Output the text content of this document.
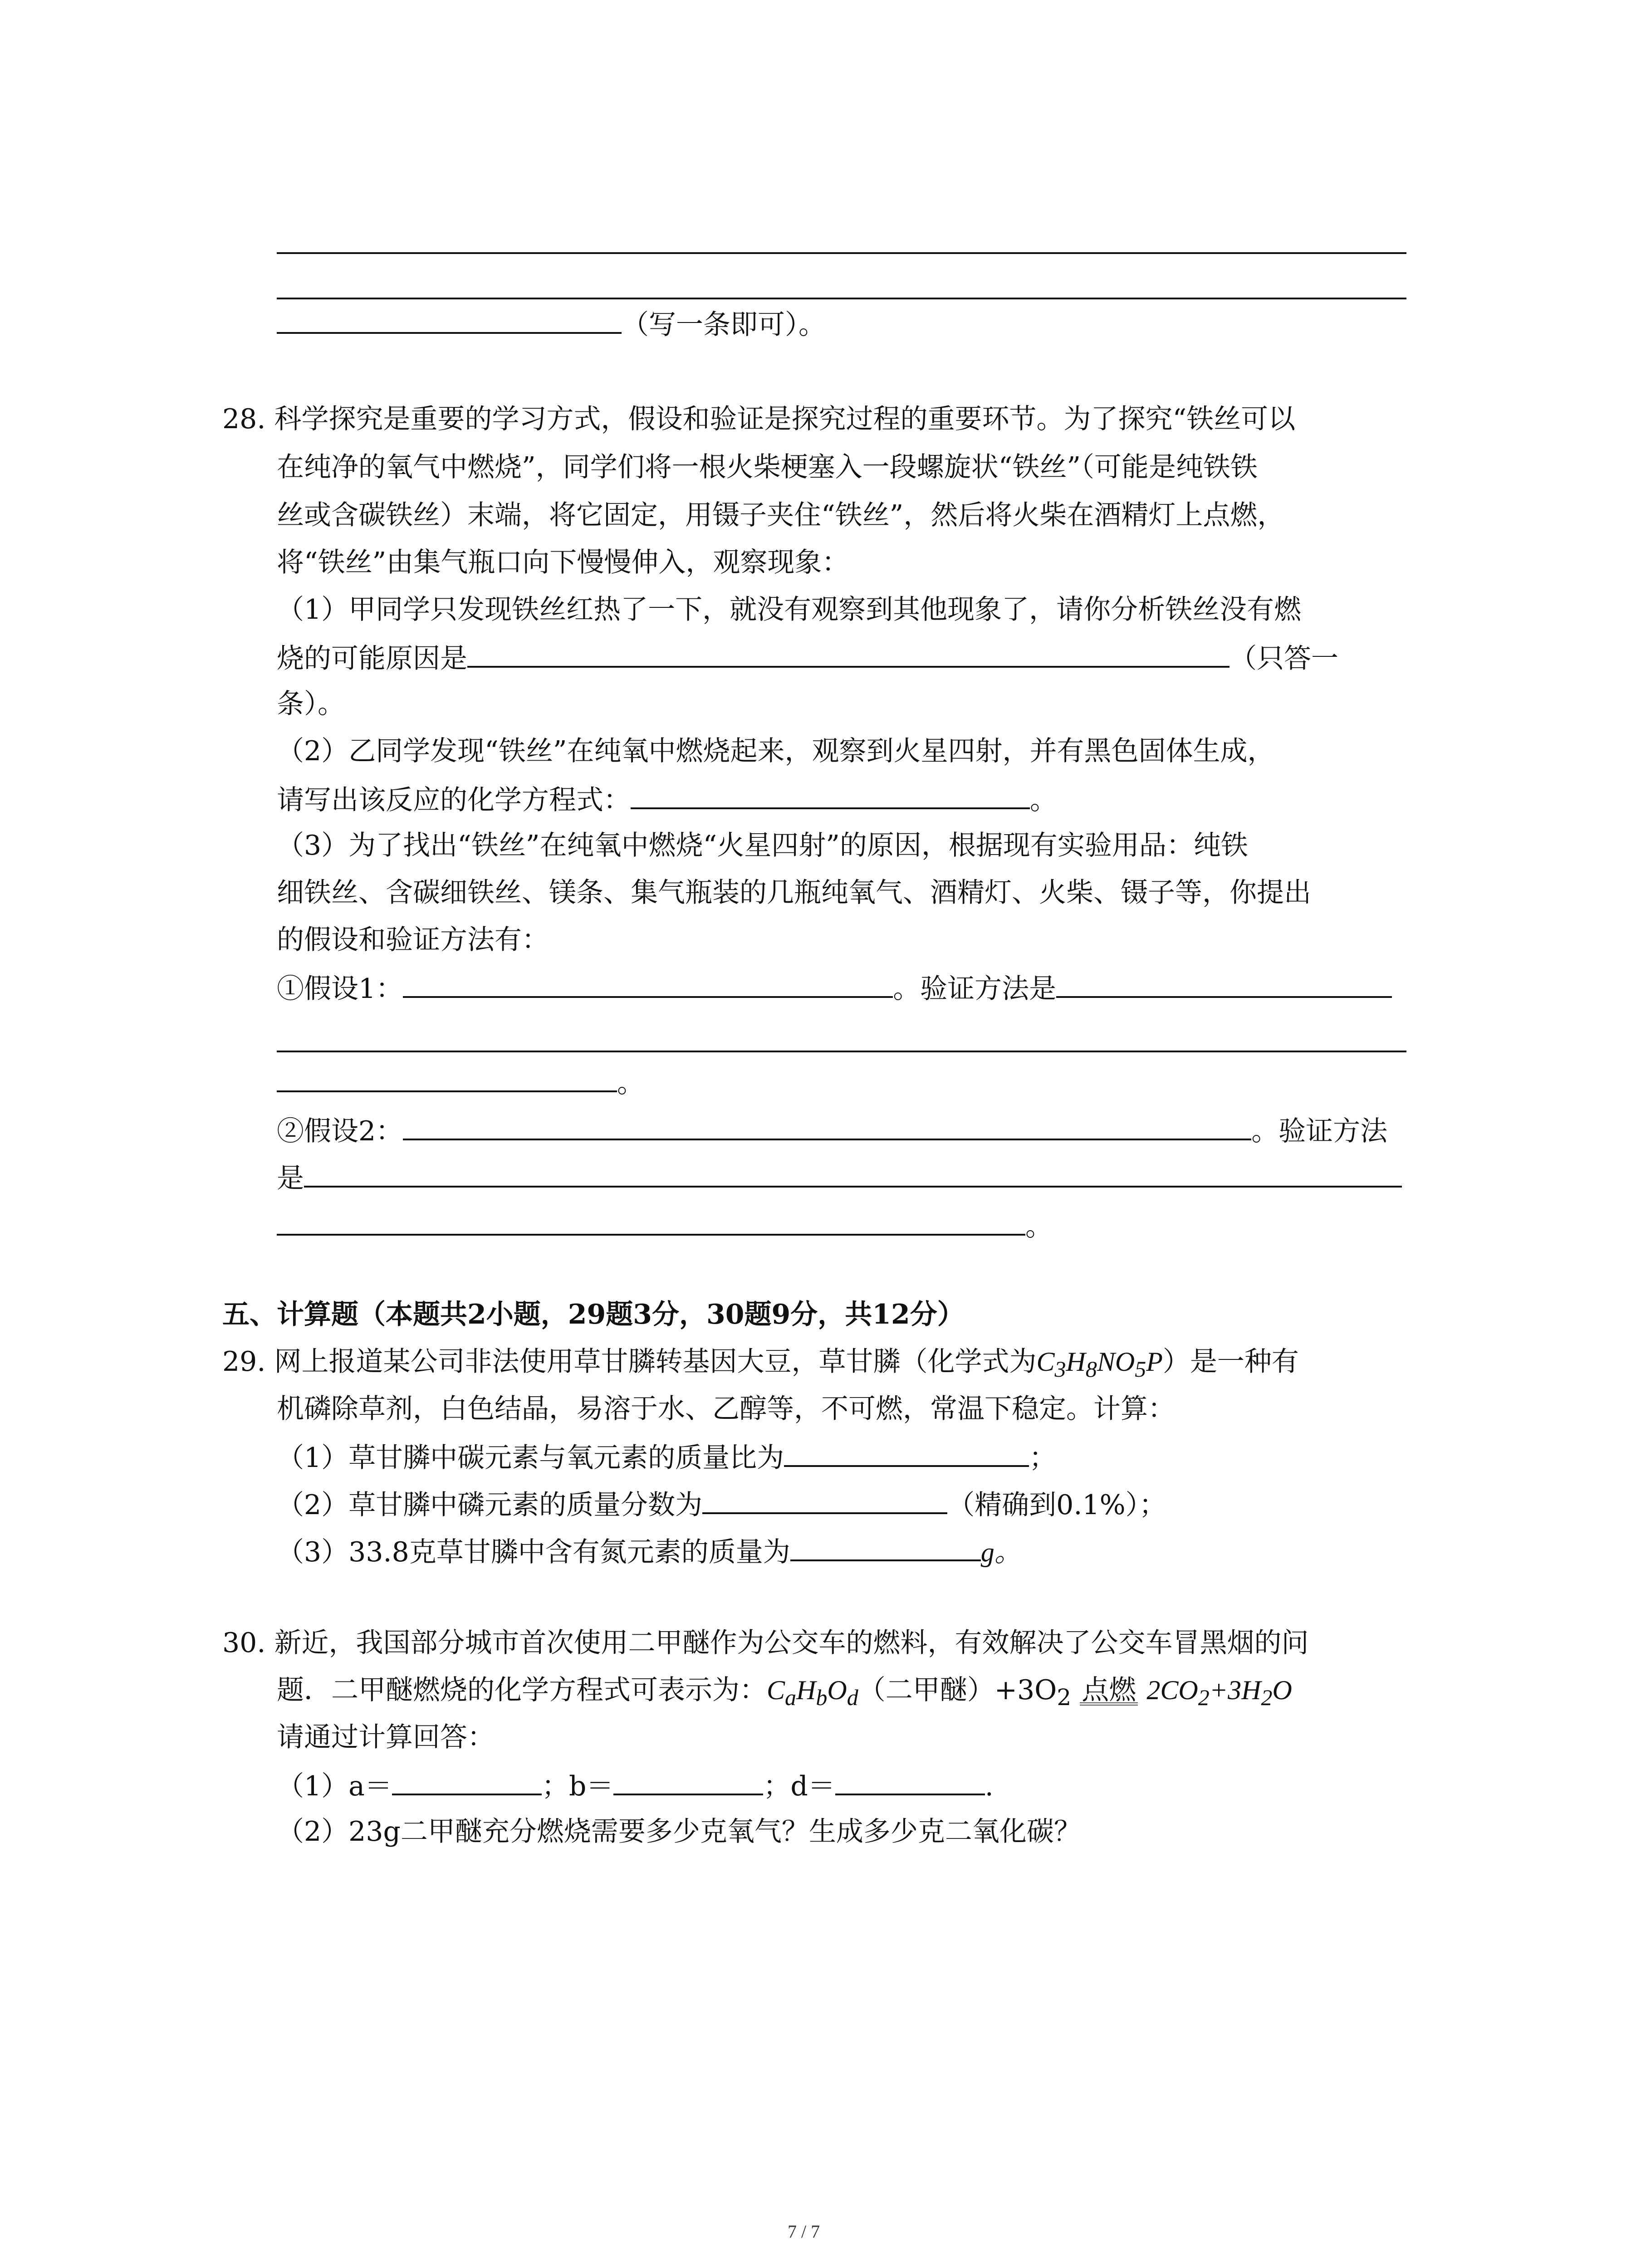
（写一条即可）。
28. 科学探究是重要的学习方式，假设和验证是探究过程的重要环节。为了探究“铁丝可以
在纯净的氧气中燃烧”，同学们将一根火柴梗塞入一段螺旋状“铁丝”（可能是纯铁铁
丝或含碳铁丝）末端，将它固定，用镊子夹住“铁丝”，然后将火柴在酒精灯上点燃，
将“铁丝”由集气瓶口向下慢慢伸入，观察现象：
（1）甲同学只发现铁丝红热了一下，就没有观察到其他现象了，请你分析铁丝没有燃
烧的可能原因是	（只答一
条）。
（2）乙同学发现“铁丝”在纯氧中燃烧起来，观察到火星四射，并有黑色固体生成，
请写出该反应的化学方程式：	。
（3）为了找出“铁丝”在纯氧中燃烧“火星四射”的原因，根据现有实验用品：纯铁
细铁丝、含碳细铁丝、镁条、集气瓶装的几瓶纯氧气、酒精灯、火柴、镊子等，你提出
的假设和验证方法有：
①假设1：	。验证方法是
。
②假设2：	。验证方法
是
。
五、计算题（本题共2小题，29题3分，30题9分，共12分）
29. 网上报道某公司非法使用草甘膦转基因大豆，草甘膦（化学式为$C_3H_8NO_5P$）是一种有
机磷除草剂，白色结晶，易溶于水、乙醇等，不可燃，常温下稳定。计算：
（1）草甘膦中碳元素与氧元素的质量比为	；
（2）草甘膦中磷元素的质量分数为	（精确到0.1%）；
（3）33.8克草甘膦中含有氮元素的质量为	g。
30. 新近，我国部分城市首次使用二甲醚作为公交车的燃料，有效解决了公交车冒黑烟的问
题．二甲醚燃烧的化学方程式可表示为：$C_aH_bO_d$（二甲醚）$+3O_2$ 点燃 $2CO_2+3H_2O$
请通过计算回答：
（1）a＝	；b＝	；d＝	.
（2）23g二甲醚充分燃烧需要多少克氧气？生成多少克二氧化碳？
7 / 7
